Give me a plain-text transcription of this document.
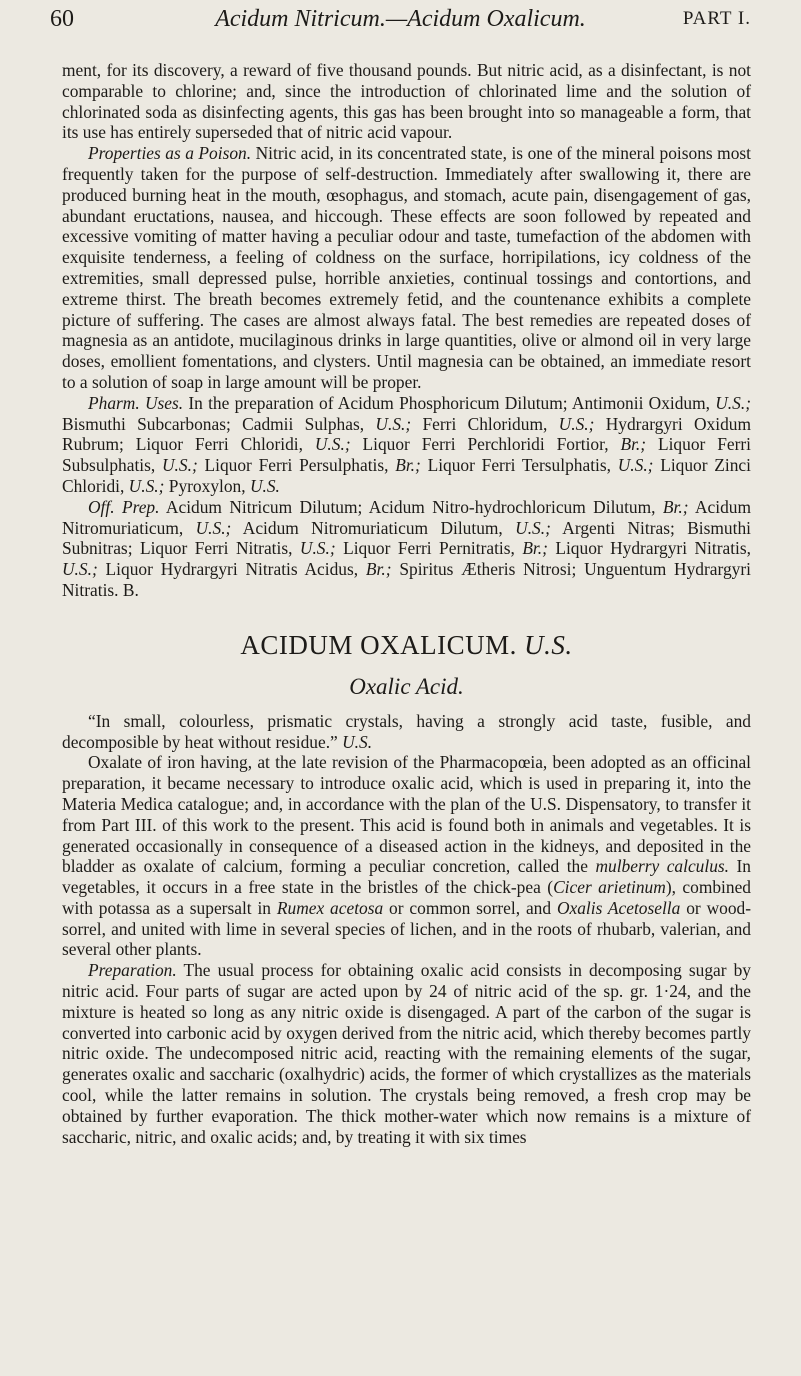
60	Acidum Nitricum.—Acidum Oxalicum.	PART I.

ment, for its discovery, a reward of five thousand pounds. But nitric acid, as a disinfectant, is not comparable to chlorine; and, since the introduction of chlorinated lime and the solution of chlorinated soda as disinfecting agents, this gas has been brought into so manageable a form, that its use has entirely superseded that of nitric acid vapour.

Properties as a Poison. Nitric acid, in its concentrated state, is one of the mineral poisons most frequently taken for the purpose of self-destruction. Immediately after swallowing it, there are produced burning heat in the mouth, œsophagus, and stomach, acute pain, disengagement of gas, abundant eructations, nausea, and hiccough. These effects are soon followed by repeated and excessive vomiting of matter having a peculiar odour and taste, tumefaction of the abdomen with exquisite tenderness, a feeling of coldness on the surface, horripilations, icy coldness of the extremities, small depressed pulse, horrible anxieties, continual tossings and contortions, and extreme thirst. The breath becomes extremely fetid, and the countenance exhibits a complete picture of suffering. The cases are almost always fatal. The best remedies are repeated doses of magnesia as an antidote, mucilaginous drinks in large quantities, olive or almond oil in very large doses, emollient fomentations, and clysters. Until magnesia can be obtained, an immediate resort to a solution of soap in large amount will be proper.

Pharm. Uses. In the preparation of Acidum Phosphoricum Dilutum; Antimonii Oxidum, U.S.; Bismuthi Subcarbonas; Cadmii Sulphas, U.S.; Ferri Chloridum, U.S.; Hydrargyri Oxidum Rubrum; Liquor Ferri Chloridi, U.S.; Liquor Ferri Perchloridi Fortior, Br.; Liquor Ferri Subsulphatis, U.S.; Liquor Ferri Persulphatis, Br.; Liquor Ferri Tersulphatis, U.S.; Liquor Zinci Chloridi, U.S.; Pyroxylon, U.S.

Off. Prep. Acidum Nitricum Dilutum; Acidum Nitro-hydrochloricum Dilutum, Br.; Acidum Nitromuriaticum, U.S.; Acidum Nitromuriaticum Dilutum, U.S.; Argenti Nitras; Bismuthi Subnitras; Liquor Ferri Nitratis, U.S.; Liquor Ferri Pernitratis, Br.; Liquor Hydrargyri Nitratis, U.S.; Liquor Hydrargyri Nitratis Acidus, Br.; Spiritus Ætheris Nitrosi; Unguentum Hydrargyri Nitratis. B.

ACIDUM OXALICUM. U.S.
Oxalic Acid.

“In small, colourless, prismatic crystals, having a strongly acid taste, fusible, and decomposible by heat without residue.” U.S.

Oxalate of iron having, at the late revision of the Pharmacopœia, been adopted as an officinal preparation, it became necessary to introduce oxalic acid, which is used in preparing it, into the Materia Medica catalogue; and, in accordance with the plan of the U.S. Dispensatory, to transfer it from Part III. of this work to the present. This acid is found both in animals and vegetables. It is generated occasionally in consequence of a diseased action in the kidneys, and deposited in the bladder as oxalate of calcium, forming a peculiar concretion, called the mulberry calculus. In vegetables, it occurs in a free state in the bristles of the chick-pea (Cicer arietinum), combined with potassa as a supersalt in Rumex acetosa or common sorrel, and Oxalis Acetosella or wood-sorrel, and united with lime in several species of lichen, and in the roots of rhubarb, valerian, and several other plants.

Preparation. The usual process for obtaining oxalic acid consists in decomposing sugar by nitric acid. Four parts of sugar are acted upon by 24 of nitric acid of the sp. gr. 1·24, and the mixture is heated so long as any nitric oxide is disengaged. A part of the carbon of the sugar is converted into carbonic acid by oxygen derived from the nitric acid, which thereby becomes partly nitric oxide. The undecomposed nitric acid, reacting with the remaining elements of the sugar, generates oxalic and saccharic (oxalhydric) acids, the former of which crystallizes as the materials cool, while the latter remains in solution. The crystals being removed, a fresh crop may be obtained by further evaporation. The thick mother-water which now remains is a mixture of saccharic, nitric, and oxalic acids; and, by treating it with six times
